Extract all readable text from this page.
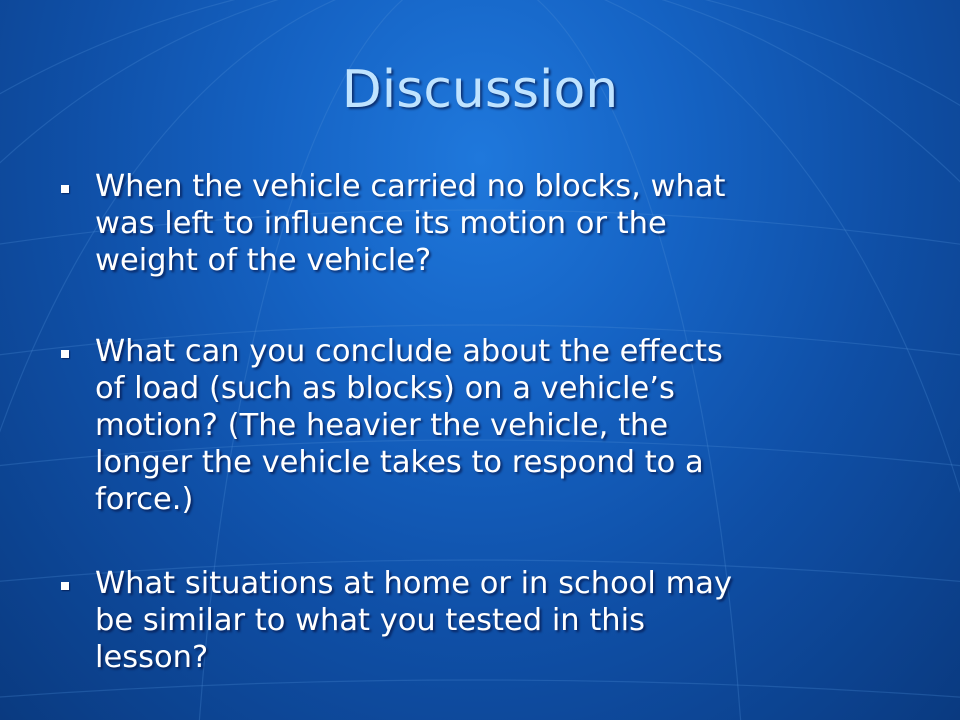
Discussion
When the vehicle carried no blocks, what
was left to influence its motion or the
weight of the vehicle?
What can you conclude about the effects
of load (such as blocks) on a vehicle’s
motion? (The heavier the vehicle, the
longer the vehicle takes to respond to a
force.)
What situations at home or in school may
be similar to what you tested in this
lesson?
